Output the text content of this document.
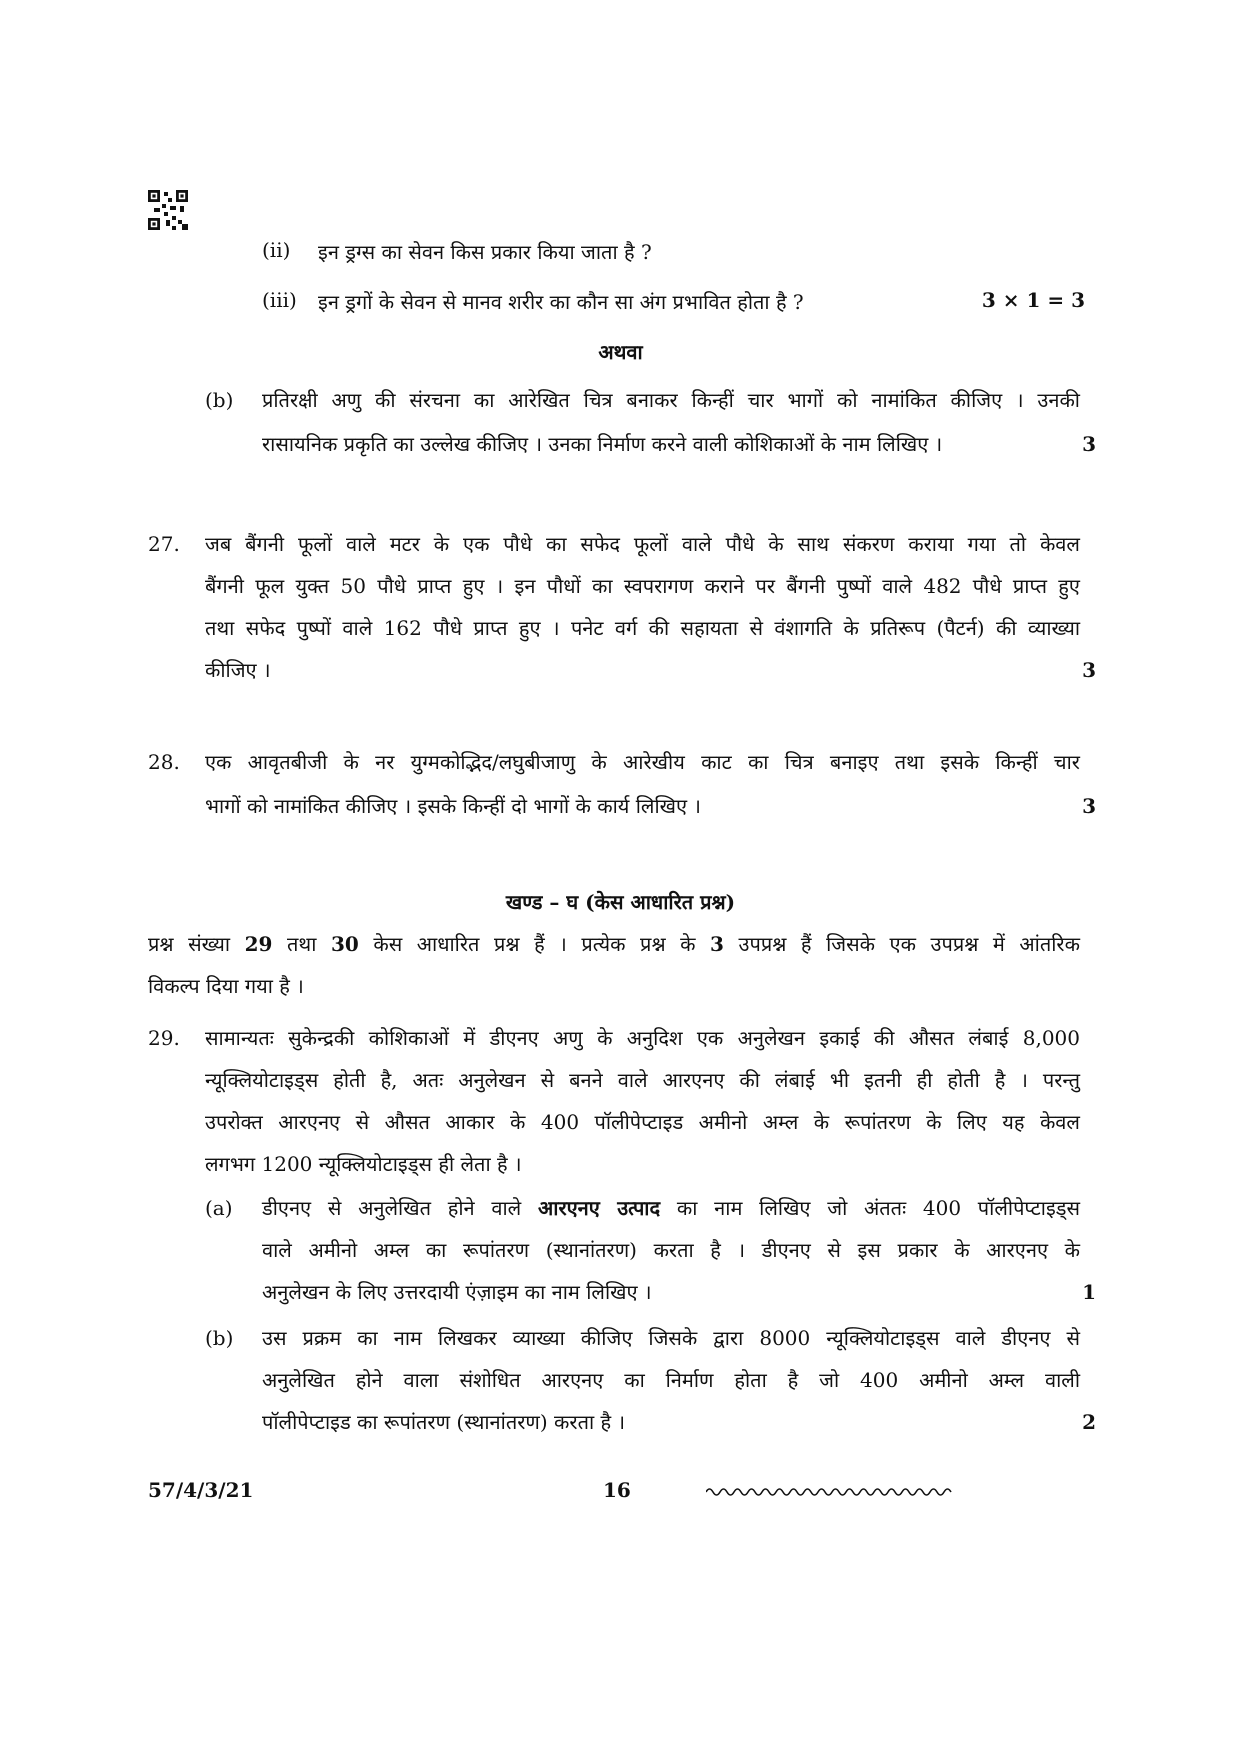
(ii) इन ड्रग्स का सेवन किस प्रकार किया जाता है ?
(iii) इन ड्रगों के सेवन से मानव शरीर का कौन सा अंग प्रभावित होता है ?	3 × 1 = 3
अथवा
(b) प्रतिरक्षी अणु की संरचना का आरेखित चित्र बनाकर किन्हीं चार भागों को नामांकित कीजिए । उनकी
रासायनिक प्रकृति का उल्लेख कीजिए । उनका निर्माण करने वाली कोशिकाओं के नाम लिखिए ।	3
27. जब बैंगनी फूलों वाले मटर के एक पौधे का सफेद फूलों वाले पौधे के साथ संकरण कराया गया तो केवल
बैंगनी फूल युक्त 50 पौधे प्राप्त हुए । इन पौधों का स्वपरागण कराने पर बैंगनी पुष्पों वाले 482 पौधे प्राप्त हुए
तथा सफेद पुष्पों वाले 162 पौधे प्राप्त हुए । पनेट वर्ग की सहायता से वंशागति के प्रतिरूप (पैटर्न) की व्याख्या
कीजिए ।	3
28. एक आवृतबीजी के नर युग्मकोद्भिद/लघुबीजाणु के आरेखीय काट का चित्र बनाइए तथा इसके किन्हीं चार
भागों को नामांकित कीजिए । इसके किन्हीं दो भागों के कार्य लिखिए ।	3
खण्ड – घ (केस आधारित प्रश्न)
प्रश्न संख्या 29 तथा 30 केस आधारित प्रश्न हैं । प्रत्येक प्रश्न के 3 उपप्रश्न हैं जिसके एक उपप्रश्न में आंतरिक
विकल्प दिया गया है ।
29. सामान्यतः सुकेन्द्रकी कोशिकाओं में डीएनए अणु के अनुदिश एक अनुलेखन इकाई की औसत लंबाई 8,000
न्यूक्लियोटाइड्स होती है, अतः अनुलेखन से बनने वाले आरएनए की लंबाई भी इतनी ही होती है । परन्तु
उपरोक्त आरएनए से औसत आकार के 400 पॉलीपेप्टाइड अमीनो अम्ल के रूपांतरण के लिए यह केवल
लगभग 1200 न्यूक्लियोटाइड्स ही लेता है ।
(a) डीएनए से अनुलेखित होने वाले आरएनए उत्पाद का नाम लिखिए जो अंततः 400 पॉलीपेप्टाइड्स
वाले अमीनो अम्ल का रूपांतरण (स्थानांतरण) करता है । डीएनए से इस प्रकार के आरएनए के
अनुलेखन के लिए उत्तरदायी एंज़ाइम का नाम लिखिए ।	1
(b) उस प्रक्रम का नाम लिखकर व्याख्या कीजिए जिसके द्वारा 8000 न्यूक्लियोटाइड्स वाले डीएनए से
अनुलेखित होने वाला संशोधित आरएनए का निर्माण होता है जो 400 अमीनो अम्ल वाली
पॉलीपेप्टाइड का रूपांतरण (स्थानांतरण) करता है ।	2
57/4/3/21	16
